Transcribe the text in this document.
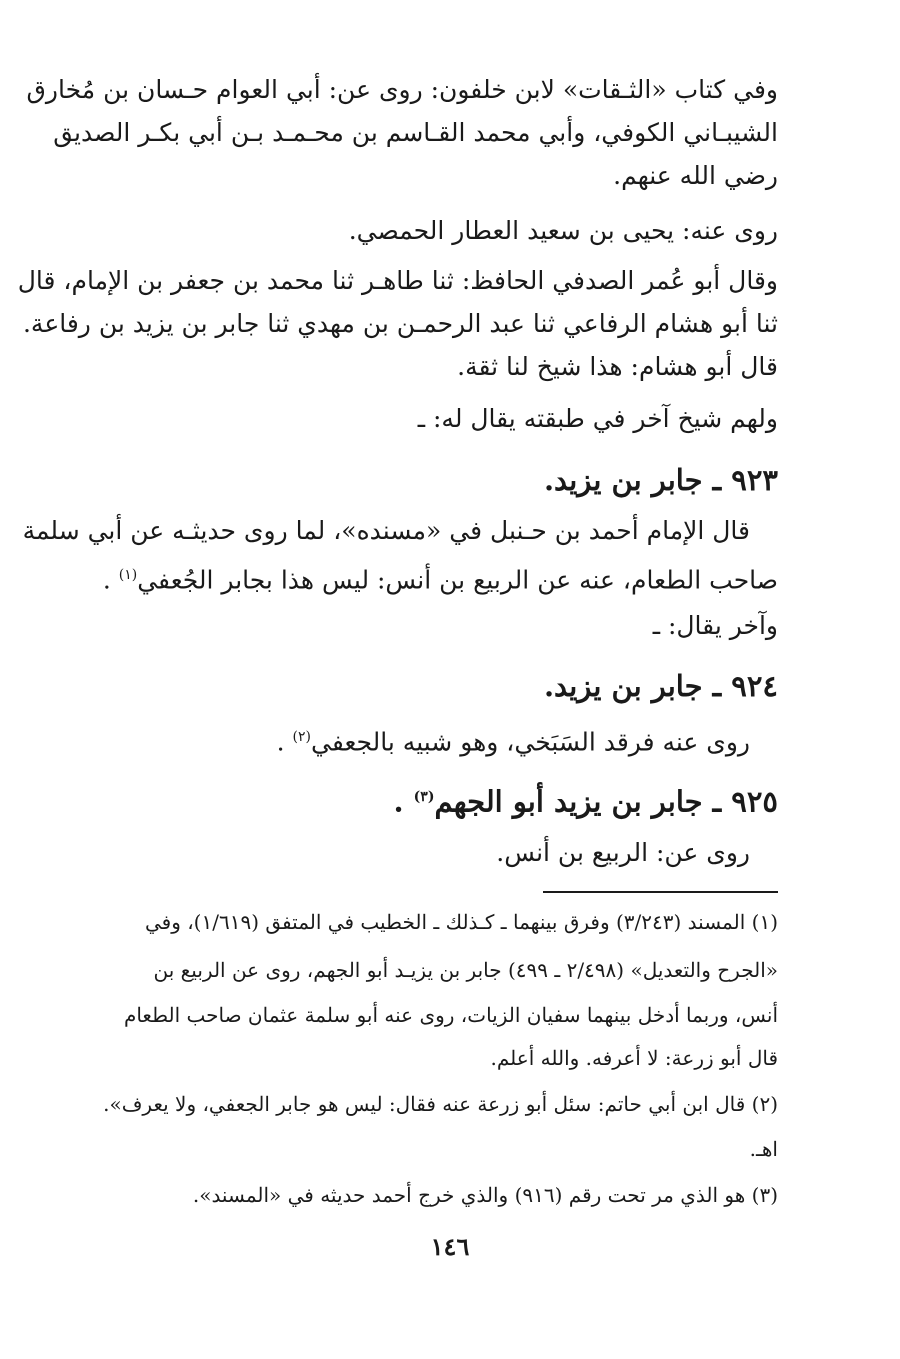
وفي كتاب «الثـقات» لابن خلفون: روى عن: أبي العوام حـسان بن مُخارق
الشيبـاني الكوفي، وأبي محمد القـاسم بن محـمـد بـن أبي بكـر الصديق
رضي الله عنهم.
روى عنه: يحيى بن سعيد العطار الحمصي.
وقال أبو عُمر الصدفي الحافظ: ثنا طاهـر ثنا محمد بن جعفر بن الإمام، قال
ثنا أبو هشام الرفاعي ثنا عبد الرحمـن بن مهدي ثنا جابر بن يزيد بن رفاعة.
قال أبو هشام: هذا شيخ لنا ثقة.
ولهم شيخ آخر في طبقته يقال له: ـ
٩٢٣ ـ جابر بن يزيد.
قال الإمام أحمد بن حـنبل في «مسنده»، لما روى حديثـه عن أبي سلمة
صاحب الطعام، عنه عن الربيع بن أنس: ليس هذا بجابر الجُعفي$^{(١)}$ .
وآخر يقال: ـ
٩٢٤ ـ جابر بن يزيد.
روى عنه فرقد السَبَخي، وهو شبيه بالجعفي$^{(٢)}$ .
٩٢٥ ـ جابر بن يزيد أبو الجهم$^{(٣)}$ .
روى عن: الربيع بن أنس.
(١) المسند (٣/٢٤٣) وفرق بينهما ـ كـذلك ـ الخطيب في المتفق (١/٦١٩)، وفي
«الجرح والتعديل» (٢/٤٩٨ ـ ٤٩٩) جابر بن يزيـد أبو الجهم، روى عن الربيع بن
أنس، وربما أدخل بينهما سفيان الزيات، روى عنه أبو سلمة عثمان صاحب الطعام
قال أبو زرعة: لا أعرفه. والله أعلم.
(٢) قال ابن أبي حاتم: سئل أبو زرعة عنه فقال: ليس هو جابر الجعفي، ولا يعرف».
اهـ.
(٣) هو الذي مر تحت رقم (٩١٦) والذي خرج أحمد حديثه في «المسند».
١٤٦
